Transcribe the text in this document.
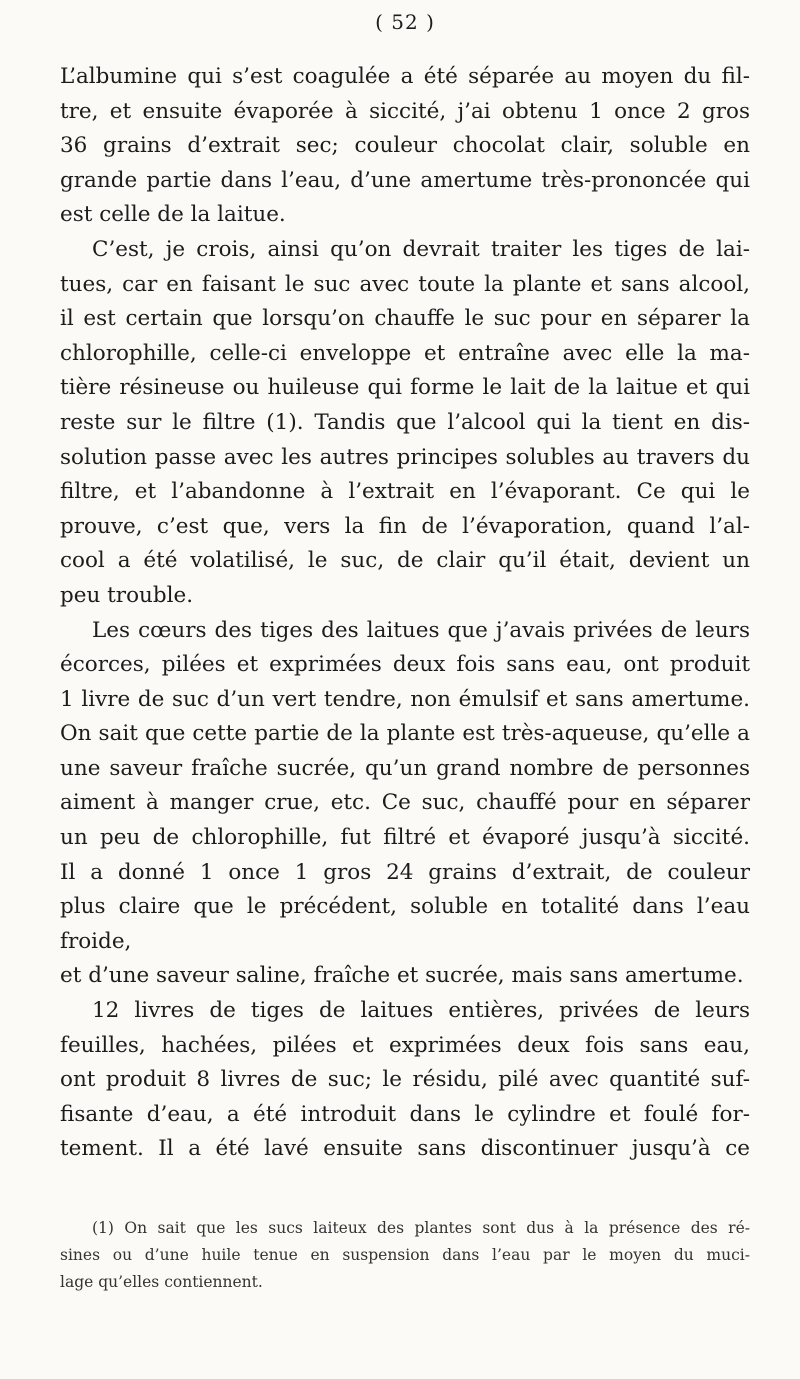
( 52 )

L’albumine qui s’est coagulée a été séparée au moyen du fil-

tre, et ensuite évaporée à siccité, j’ai obtenu 1 once 2 gros

36 grains d’extrait sec; couleur chocolat clair, soluble en

grande partie dans l’eau, d’une amertume très-prononcée qui

est celle de la laitue.

C’est, je crois, ainsi qu’on devrait traiter les tiges de lai-

tues, car en faisant le suc avec toute la plante et sans alcool,

il est certain que lorsqu’on chauffe le suc pour en séparer la

chlorophille, celle-ci enveloppe et entraîne avec elle la ma-

tière résineuse ou huileuse qui forme le lait de la laitue et qui

reste sur le filtre (1). Tandis que l’alcool qui la tient en dis-

solution passe avec les autres principes solubles au travers du

filtre, et l’abandonne à l’extrait en l’évaporant. Ce qui le

prouve, c’est que, vers la fin de l’évaporation, quand l’al-

cool a été volatilisé, le suc, de clair qu’il était, devient un

peu trouble.

Les cœurs des tiges des laitues que j’avais privées de leurs

écorces, pilées et exprimées deux fois sans eau, ont produit

1 livre de suc d’un vert tendre, non émulsif et sans amertume.

On sait que cette partie de la plante est très-aqueuse, qu’elle a

une saveur fraîche sucrée, qu’un grand nombre de personnes

aiment à manger crue, etc. Ce suc, chauffé pour en séparer

un peu de chlorophille, fut filtré et évaporé jusqu’à siccité.

Il a donné 1 once 1 gros 24 grains d’extrait, de couleur

plus claire que le précédent, soluble en totalité dans l’eau froide,

et d’une saveur saline, fraîche et sucrée, mais sans amertume.

12 livres de tiges de laitues entières, privées de leurs

feuilles, hachées, pilées et exprimées deux fois sans eau,

ont produit 8 livres de suc; le résidu, pilé avec quantité suf-

fisante d’eau, a été introduit dans le cylindre et foulé for-

tement. Il a été lavé ensuite sans discontinuer jusqu’à ce

(1) On sait que les sucs laiteux des plantes sont dus à la présence des ré-

sines ou d’une huile tenue en suspension dans l’eau par le moyen du muci-

lage qu’elles contiennent.
